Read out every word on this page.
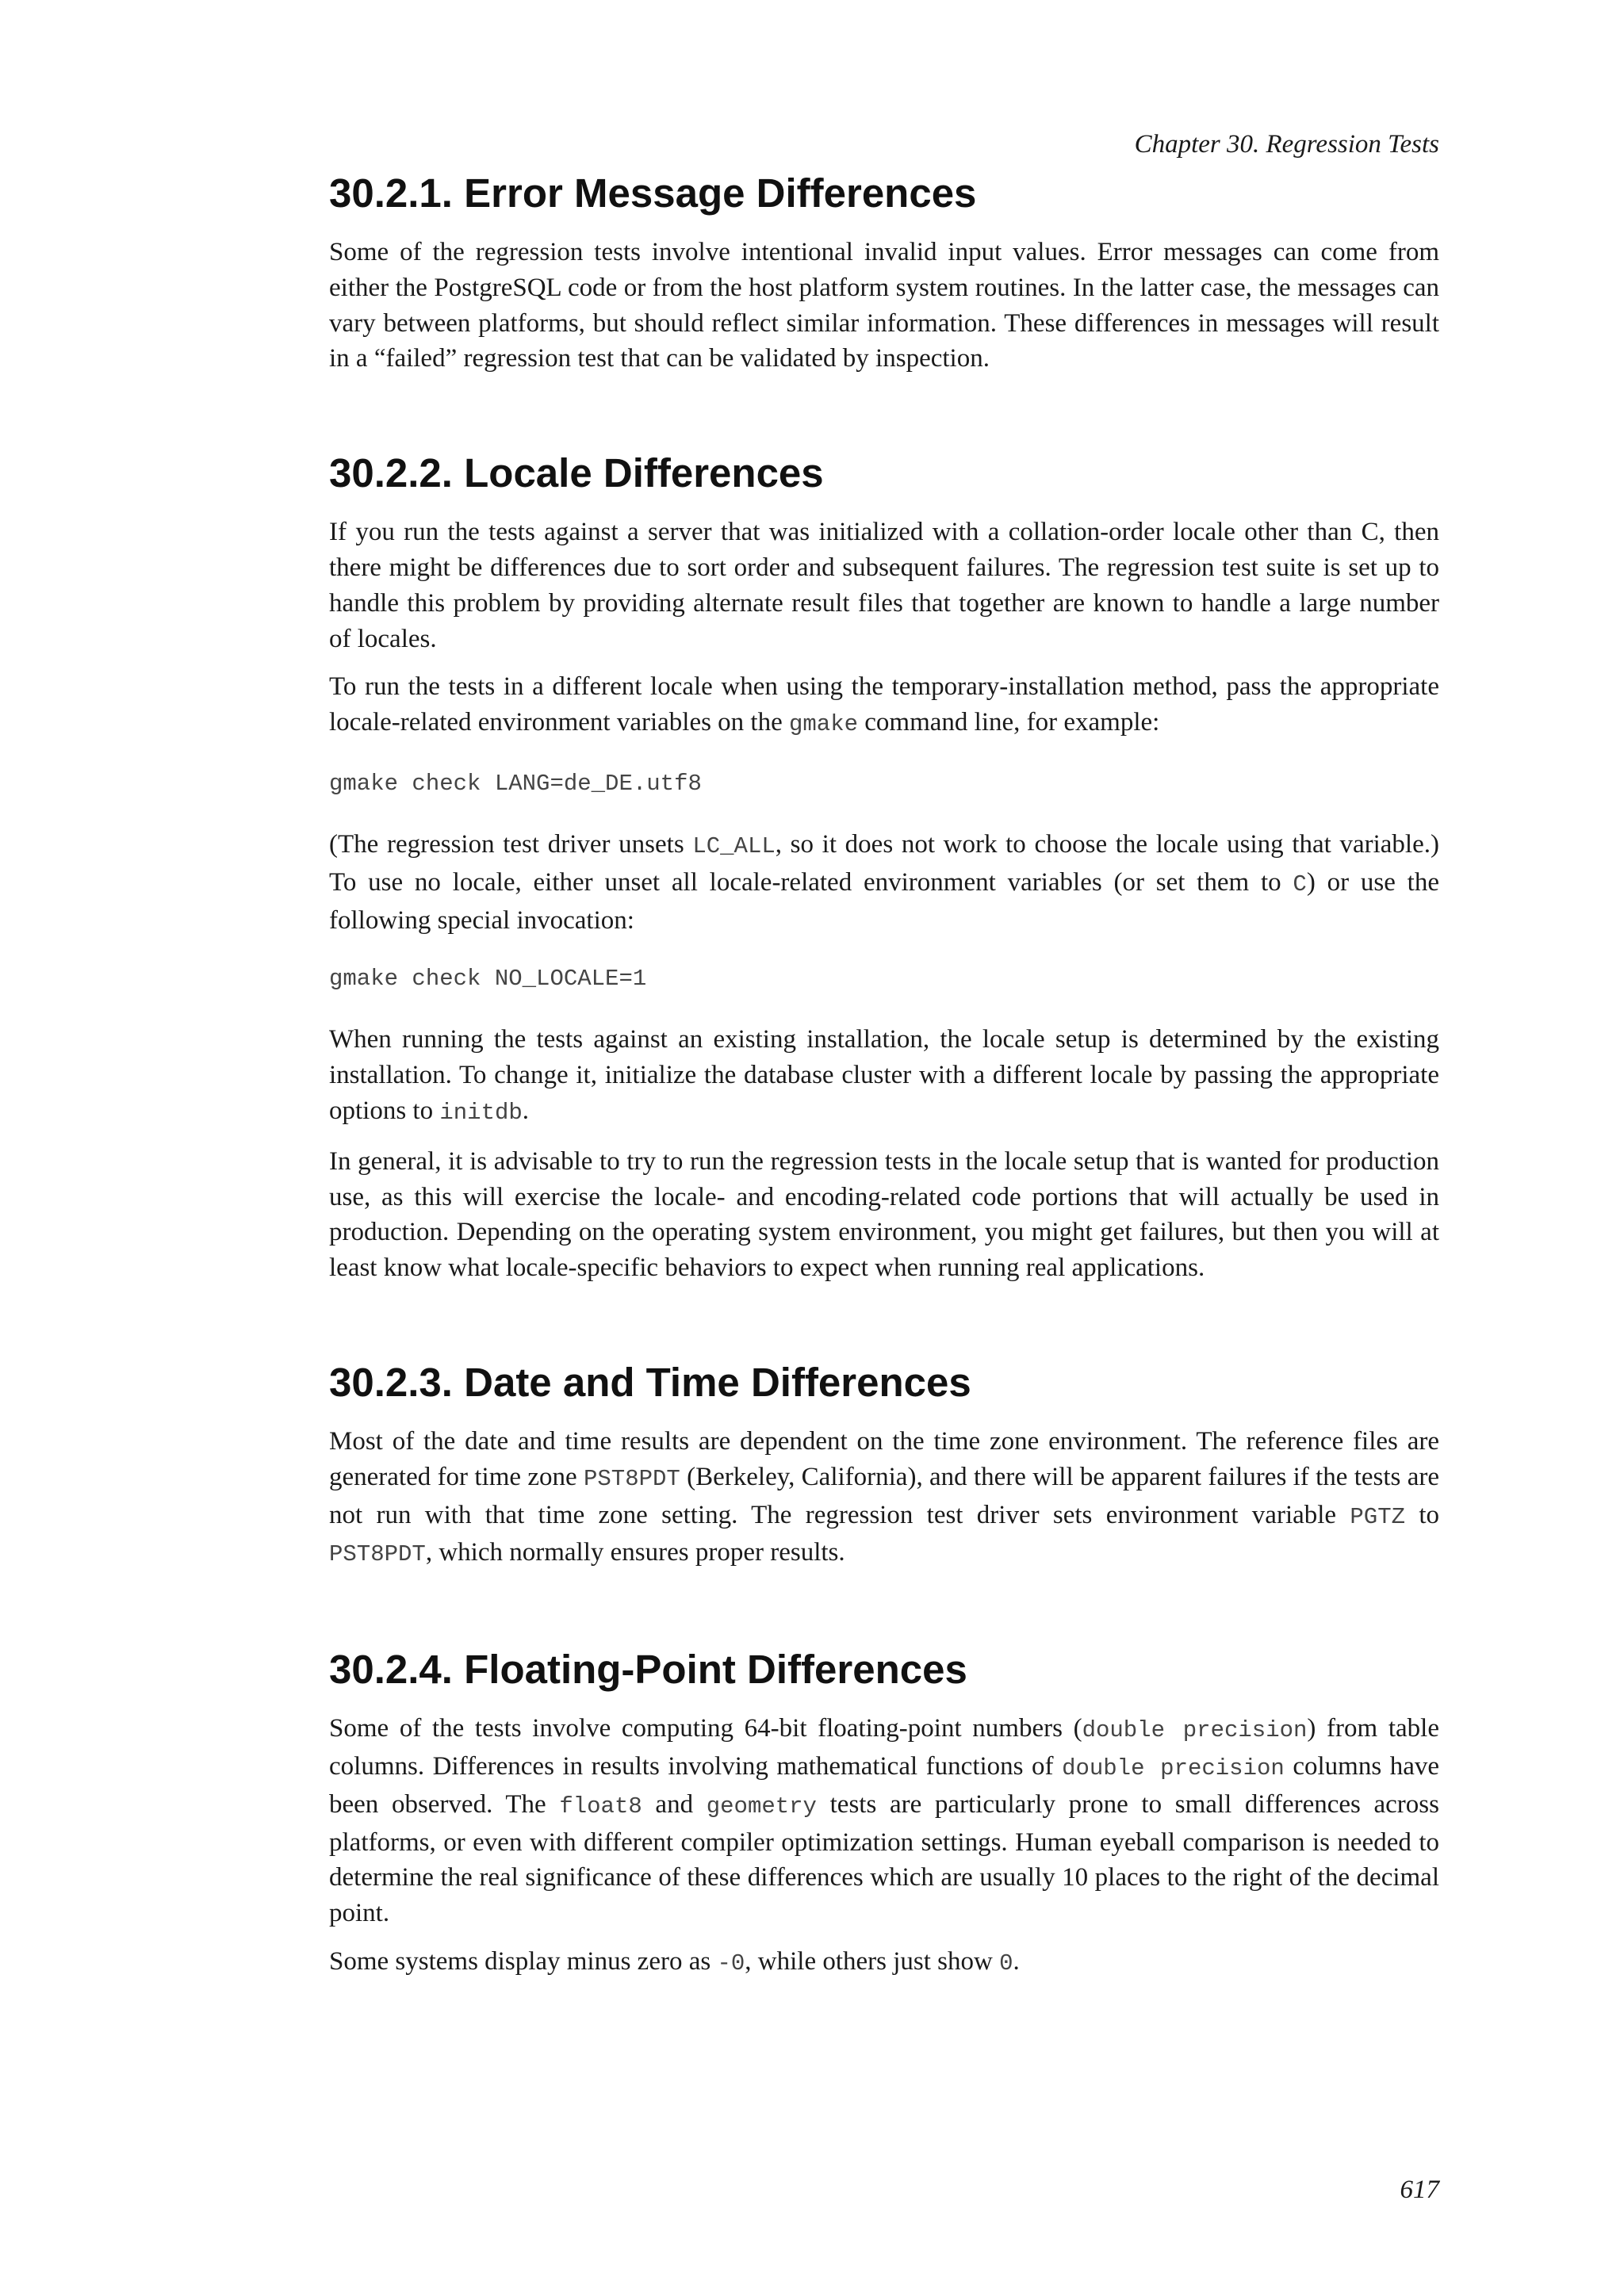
Chapter 30. Regression Tests
30.2.1. Error Message Differences

Some of the regression tests involve intentional invalid input values. Error messages can come from either the PostgreSQL code or from the host platform system routines. In the latter case, the messages can vary between platforms, but should reflect similar information. These differences in messages will result in a “failed” regression test that can be validated by inspection.

30.2.2. Locale Differences

If you run the tests against a server that was initialized with a collation-order locale other than C, then there might be differences due to sort order and subsequent failures. The regression test suite is set up to handle this problem by providing alternate result files that together are known to handle a large number of locales.

To run the tests in a different locale when using the temporary-installation method, pass the appropriate locale-related environment variables on the gmake command line, for example:

gmake check LANG=de_DE.utf8

(The regression test driver unsets LC_ALL, so it does not work to choose the locale using that variable.) To use no locale, either unset all locale-related environment variables (or set them to C) or use the following special invocation:

gmake check NO_LOCALE=1

When running the tests against an existing installation, the locale setup is determined by the existing installation. To change it, initialize the database cluster with a different locale by passing the appropriate options to initdb.

In general, it is advisable to try to run the regression tests in the locale setup that is wanted for production use, as this will exercise the locale- and encoding-related code portions that will actually be used in production. Depending on the operating system environment, you might get failures, but then you will at least know what locale-specific behaviors to expect when running real applications.

30.2.3. Date and Time Differences

Most of the date and time results are dependent on the time zone environment. The reference files are generated for time zone PST8PDT (Berkeley, California), and there will be apparent failures if the tests are not run with that time zone setting. The regression test driver sets environment variable PGTZ to PST8PDT, which normally ensures proper results.

30.2.4. Floating-Point Differences

Some of the tests involve computing 64-bit floating-point numbers (double precision) from table columns. Differences in results involving mathematical functions of double precision columns have been observed. The float8 and geometry tests are particularly prone to small differences across platforms, or even with different compiler optimization settings. Human eyeball comparison is needed to determine the real significance of these differences which are usually 10 places to the right of the decimal point.

Some systems display minus zero as -0, while others just show 0.

617
